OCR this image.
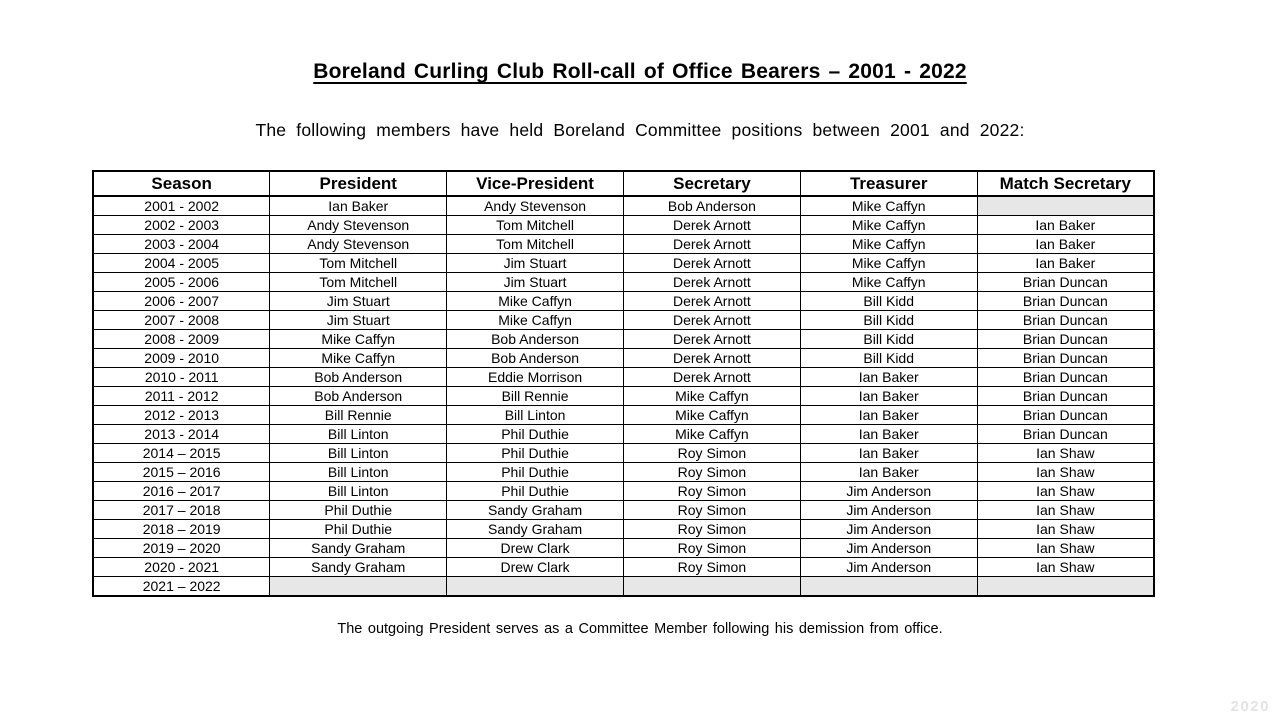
Boreland Curling Club Roll-call of Office Bearers – 2001 - 2022

The following members have held Boreland Committee positions between 2001 and 2022:

Season	President	Vice-President	Secretary	Treasurer	Match Secretary
2001 - 2002	Ian Baker	Andy Stevenson	Bob Anderson	Mike Caffyn	
2002 - 2003	Andy Stevenson	Tom Mitchell	Derek Arnott	Mike Caffyn	Ian Baker
2003 - 2004	Andy Stevenson	Tom Mitchell	Derek Arnott	Mike Caffyn	Ian Baker
2004 - 2005	Tom Mitchell	Jim Stuart	Derek Arnott	Mike Caffyn	Ian Baker
2005 - 2006	Tom Mitchell	Jim Stuart	Derek Arnott	Mike Caffyn	Brian Duncan
2006 - 2007	Jim Stuart	Mike Caffyn	Derek Arnott	Bill Kidd	Brian Duncan
2007 - 2008	Jim Stuart	Mike Caffyn	Derek Arnott	Bill Kidd	Brian Duncan
2008 - 2009	Mike Caffyn	Bob Anderson	Derek Arnott	Bill Kidd	Brian Duncan
2009 - 2010	Mike Caffyn	Bob Anderson	Derek Arnott	Bill Kidd	Brian Duncan
2010 - 2011	Bob Anderson	Eddie Morrison	Derek Arnott	Ian Baker	Brian Duncan
2011 - 2012	Bob Anderson	Bill Rennie	Mike Caffyn	Ian Baker	Brian Duncan
2012 - 2013	Bill Rennie	Bill Linton	Mike Caffyn	Ian Baker	Brian Duncan
2013 - 2014	Bill Linton	Phil Duthie	Mike Caffyn	Ian Baker	Brian Duncan
2014 – 2015	Bill Linton	Phil Duthie	Roy Simon	Ian Baker	Ian Shaw
2015 – 2016	Bill Linton	Phil Duthie	Roy Simon	Ian Baker	Ian Shaw
2016 – 2017	Bill Linton	Phil Duthie	Roy Simon	Jim Anderson	Ian Shaw
2017 – 2018	Phil Duthie	Sandy Graham	Roy Simon	Jim Anderson	Ian Shaw
2018 – 2019	Phil Duthie	Sandy Graham	Roy Simon	Jim Anderson	Ian Shaw
2019 – 2020	Sandy Graham	Drew Clark	Roy Simon	Jim Anderson	Ian Shaw
2020 - 2021	Sandy Graham	Drew Clark	Roy Simon	Jim Anderson	Ian Shaw
2021 – 2022					

The outgoing President serves as a Committee Member following his demission from office.

2020
